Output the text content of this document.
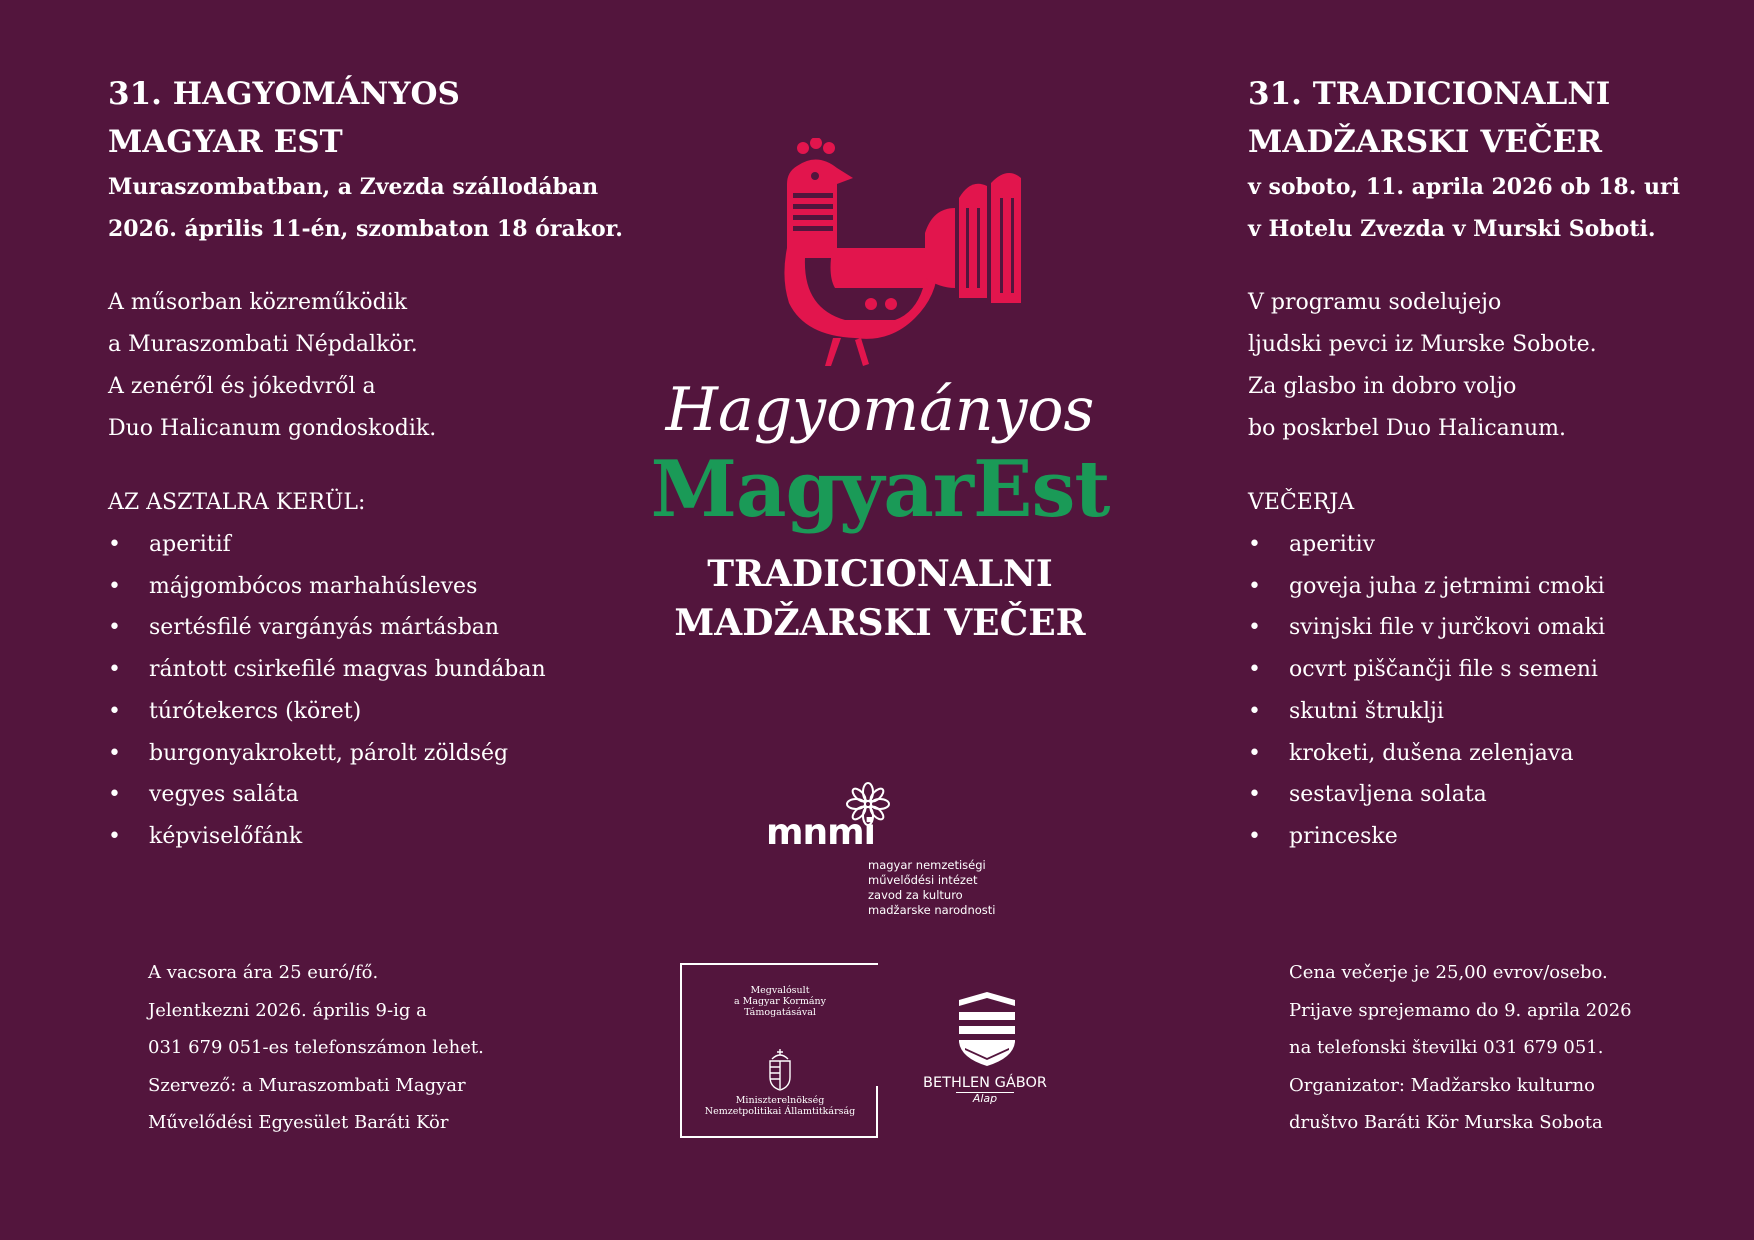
31. HAGYOMÁNYOS
MAGYAR EST
Muraszombatban, a Zvezda szállodában
2026. április 11-én, szombaton 18 órakor.
A műsorban közreműködik
a Muraszombati Népdalkör.
A zenéről és jókedvről a
Duo Halicanum gondoskodik.
AZ ASZTALRA KERÜL:
• aperitif
• májgombócos marhahúsleves
• sertésfilé vargányás mártásban
• rántott csirkefilé magvas bundában
• túrótekercs (köret)
• burgonyakrokett, párolt zöldség
• vegyes saláta
• képviselőfánk
A vacsora ára 25 euró/fő.
Jelentkezni 2026. április 9-ig a
031 679 051-es telefonszámon lehet.
Szervező: a Muraszombati Magyar
Művelődési Egyesület Baráti Kör
31. TRADICIONALNI
MADŽARSKI VEČER
v soboto, 11. aprila 2026 ob 18. uri
v Hotelu Zvezda v Murski Soboti.
V programu sodelujejo
ljudski pevci iz Murske Sobote.
Za glasbo in dobro voljo
bo poskrbel Duo Halicanum.
VEČERJA
• aperitiv
• goveja juha z jetrnimi cmoki
• svinjski file v jurčkovi omaki
• ocvrt piščančji file s semeni
• skutni štruklji
• kroketi, dušena zelenjava
• sestavljena solata
• princeske
Cena večerje je 25,00 evrov/osebo.
Prijave sprejemamo do 9. aprila 2026
na telefonski številki 031 679 051.
Organizator: Madžarsko kulturno
društvo Baráti Kör Murska Sobota
Hagyományos
MagyarEst
TRADICIONALNI
MADŽARSKI VEČER
mnmi
magyar nemzetiségi
művelődési intézet
zavod za kulturo
madžarske narodnosti
Megvalósult
a Magyar Kormány
Támogatásával
Miniszterelnökség
Nemzetpolitikai Államtitkárság
BETHLEN GÁBOR
Alap
